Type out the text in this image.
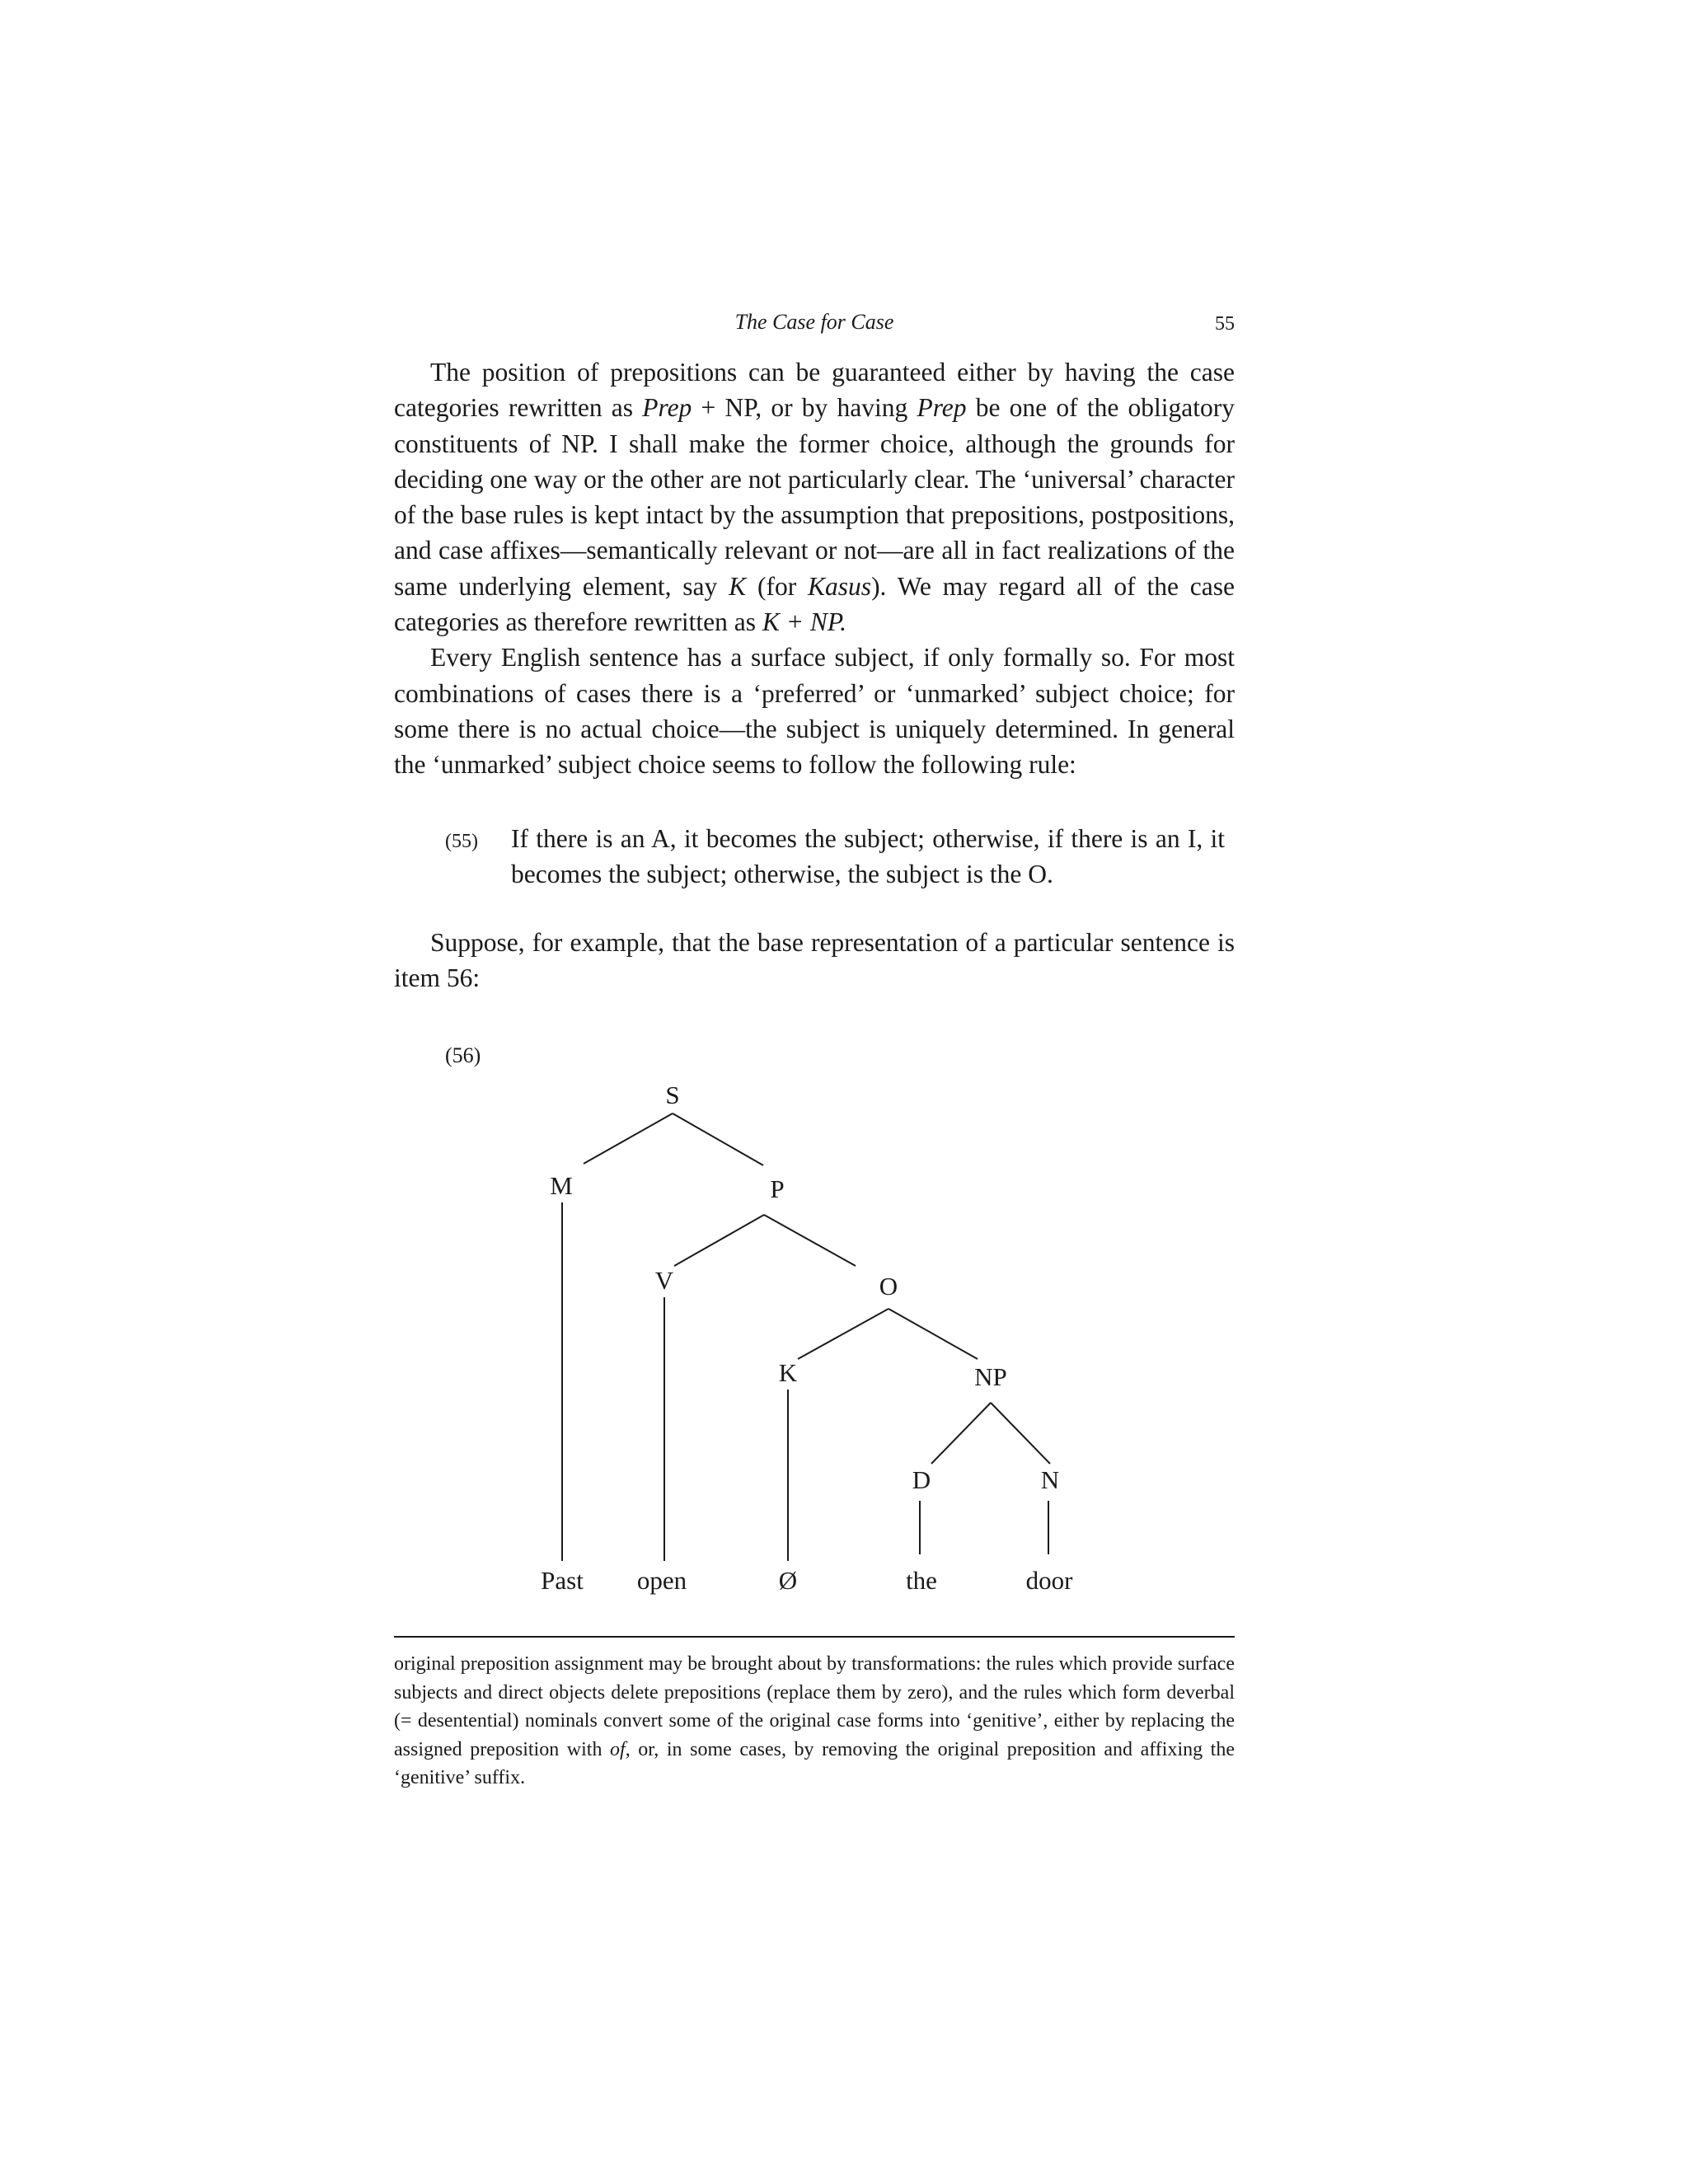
The Case for Case	55

The position of prepositions can be guaranteed either by having the case categories rewritten as Prep + NP, or by having Prep be one of the obligatory constituents of NP. I shall make the former choice, although the grounds for deciding one way or the other are not particularly clear. The ‘universal’ character of the base rules is kept intact by the assumption that prepositions, postpositions, and case affixes—semantically relevant or not—are all in fact realizations of the same underlying element, say K (for Kasus). We may regard all of the case categories as therefore rewritten as K + NP.

Every English sentence has a surface subject, if only formally so. For most combinations of cases there is a ‘preferred’ or ‘unmarked’ subject choice; for some there is no actual choice—the subject is uniquely determined. In general the ‘unmarked’ subject choice seems to follow the following rule:

(55) If there is an A, it becomes the subject; otherwise, if there is an I, it becomes the subject; otherwise, the subject is the O.

Suppose, for example, that the base representation of a particular sentence is item 56:

(56)
S
M	P
V	O
K	NP
D	N
Past open	Ø	the	door

original preposition assignment may be brought about by transformations: the rules which provide surface subjects and direct objects delete prepositions (replace them by zero), and the rules which form deverbal (= desentential) nominals convert some of the original case forms into ‘genitive’, either by replacing the assigned preposition with of, or, in some cases, by removing the original preposition and affixing the ‘genitive’ suffix.
